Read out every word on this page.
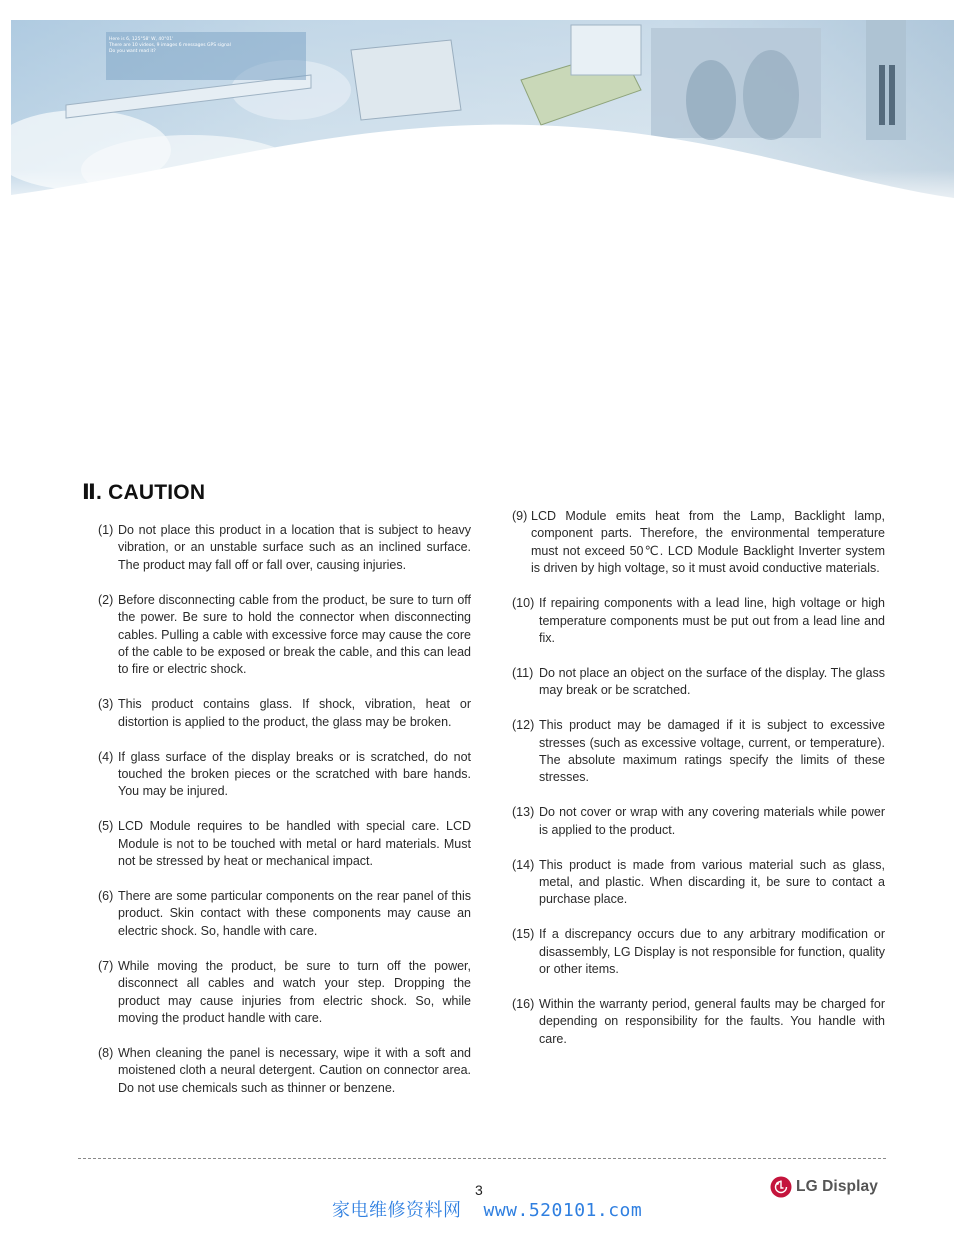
Here is 6, 125°58' W, 40°01'
There are 10 videos, 9 images 6 messages GPS signal
Do you want read it?
Ⅱ. CAUTION
(1) Do not place this product in a location that is subject to heavy vibration, or an unstable surface such as an inclined surface. The product may fall off or fall over, causing injuries.
(2) Before disconnecting cable from the product, be sure to turn off the power. Be sure to hold the connector when disconnecting cables. Pulling a cable with excessive force may cause the core of the cable to be exposed or break the cable, and this can lead to fire or electric shock.
(3) This product contains glass. If shock, vibration, heat or distortion is applied to the product, the glass may be broken.
(4) If glass surface of the display breaks or is scratched, do not touched the broken pieces or the scratched with bare hands. You may be injured.
(5) LCD Module requires to be handled with special care. LCD Module is not to be touched with metal or hard materials. Must not be stressed by heat or mechanical impact.
(6) There are some particular components on the rear panel of this product. Skin contact with these components may cause an electric shock. So, handle with care.
(7) While moving the product, be sure to turn off the power, disconnect all cables and watch your step. Dropping the product may cause injuries from electric shock. So, while moving the product handle with care.
(8) When cleaning the panel is necessary, wipe it with a soft and moistened cloth a neural detergent. Caution on connector area. Do not use chemicals such as thinner or benzene.
(9) LCD Module emits heat from the Lamp, Backlight lamp, component parts. Therefore, the environmental temperature must not exceed 50℃. LCD Module Backlight Inverter system is driven by high voltage, so it must avoid conductive materials.
(10) If repairing components with a lead line, high voltage or high temperature components must be put out from a lead line and fix.
(11) Do not place an object on the surface of the display. The glass may break or be scratched.
(12) This product may be damaged if it is subject to excessive stresses (such as excessive voltage, current, or temperature). The absolute maximum ratings specify the limits of these stresses.
(13) Do not cover or wrap with any covering materials while power is applied to the product.
(14) This product is made from various material such as glass, metal, and plastic. When discarding it, be sure to contact a purchase place.
(15) If a discrepancy occurs due to any arbitrary modification or disassembly, LG Display is not responsible for function, quality or other items.
(16) Within the warranty period, general faults may be charged for depending on responsibility for the faults. You handle with care.
3	LG Display
家电维修资料网 www.520101.com
